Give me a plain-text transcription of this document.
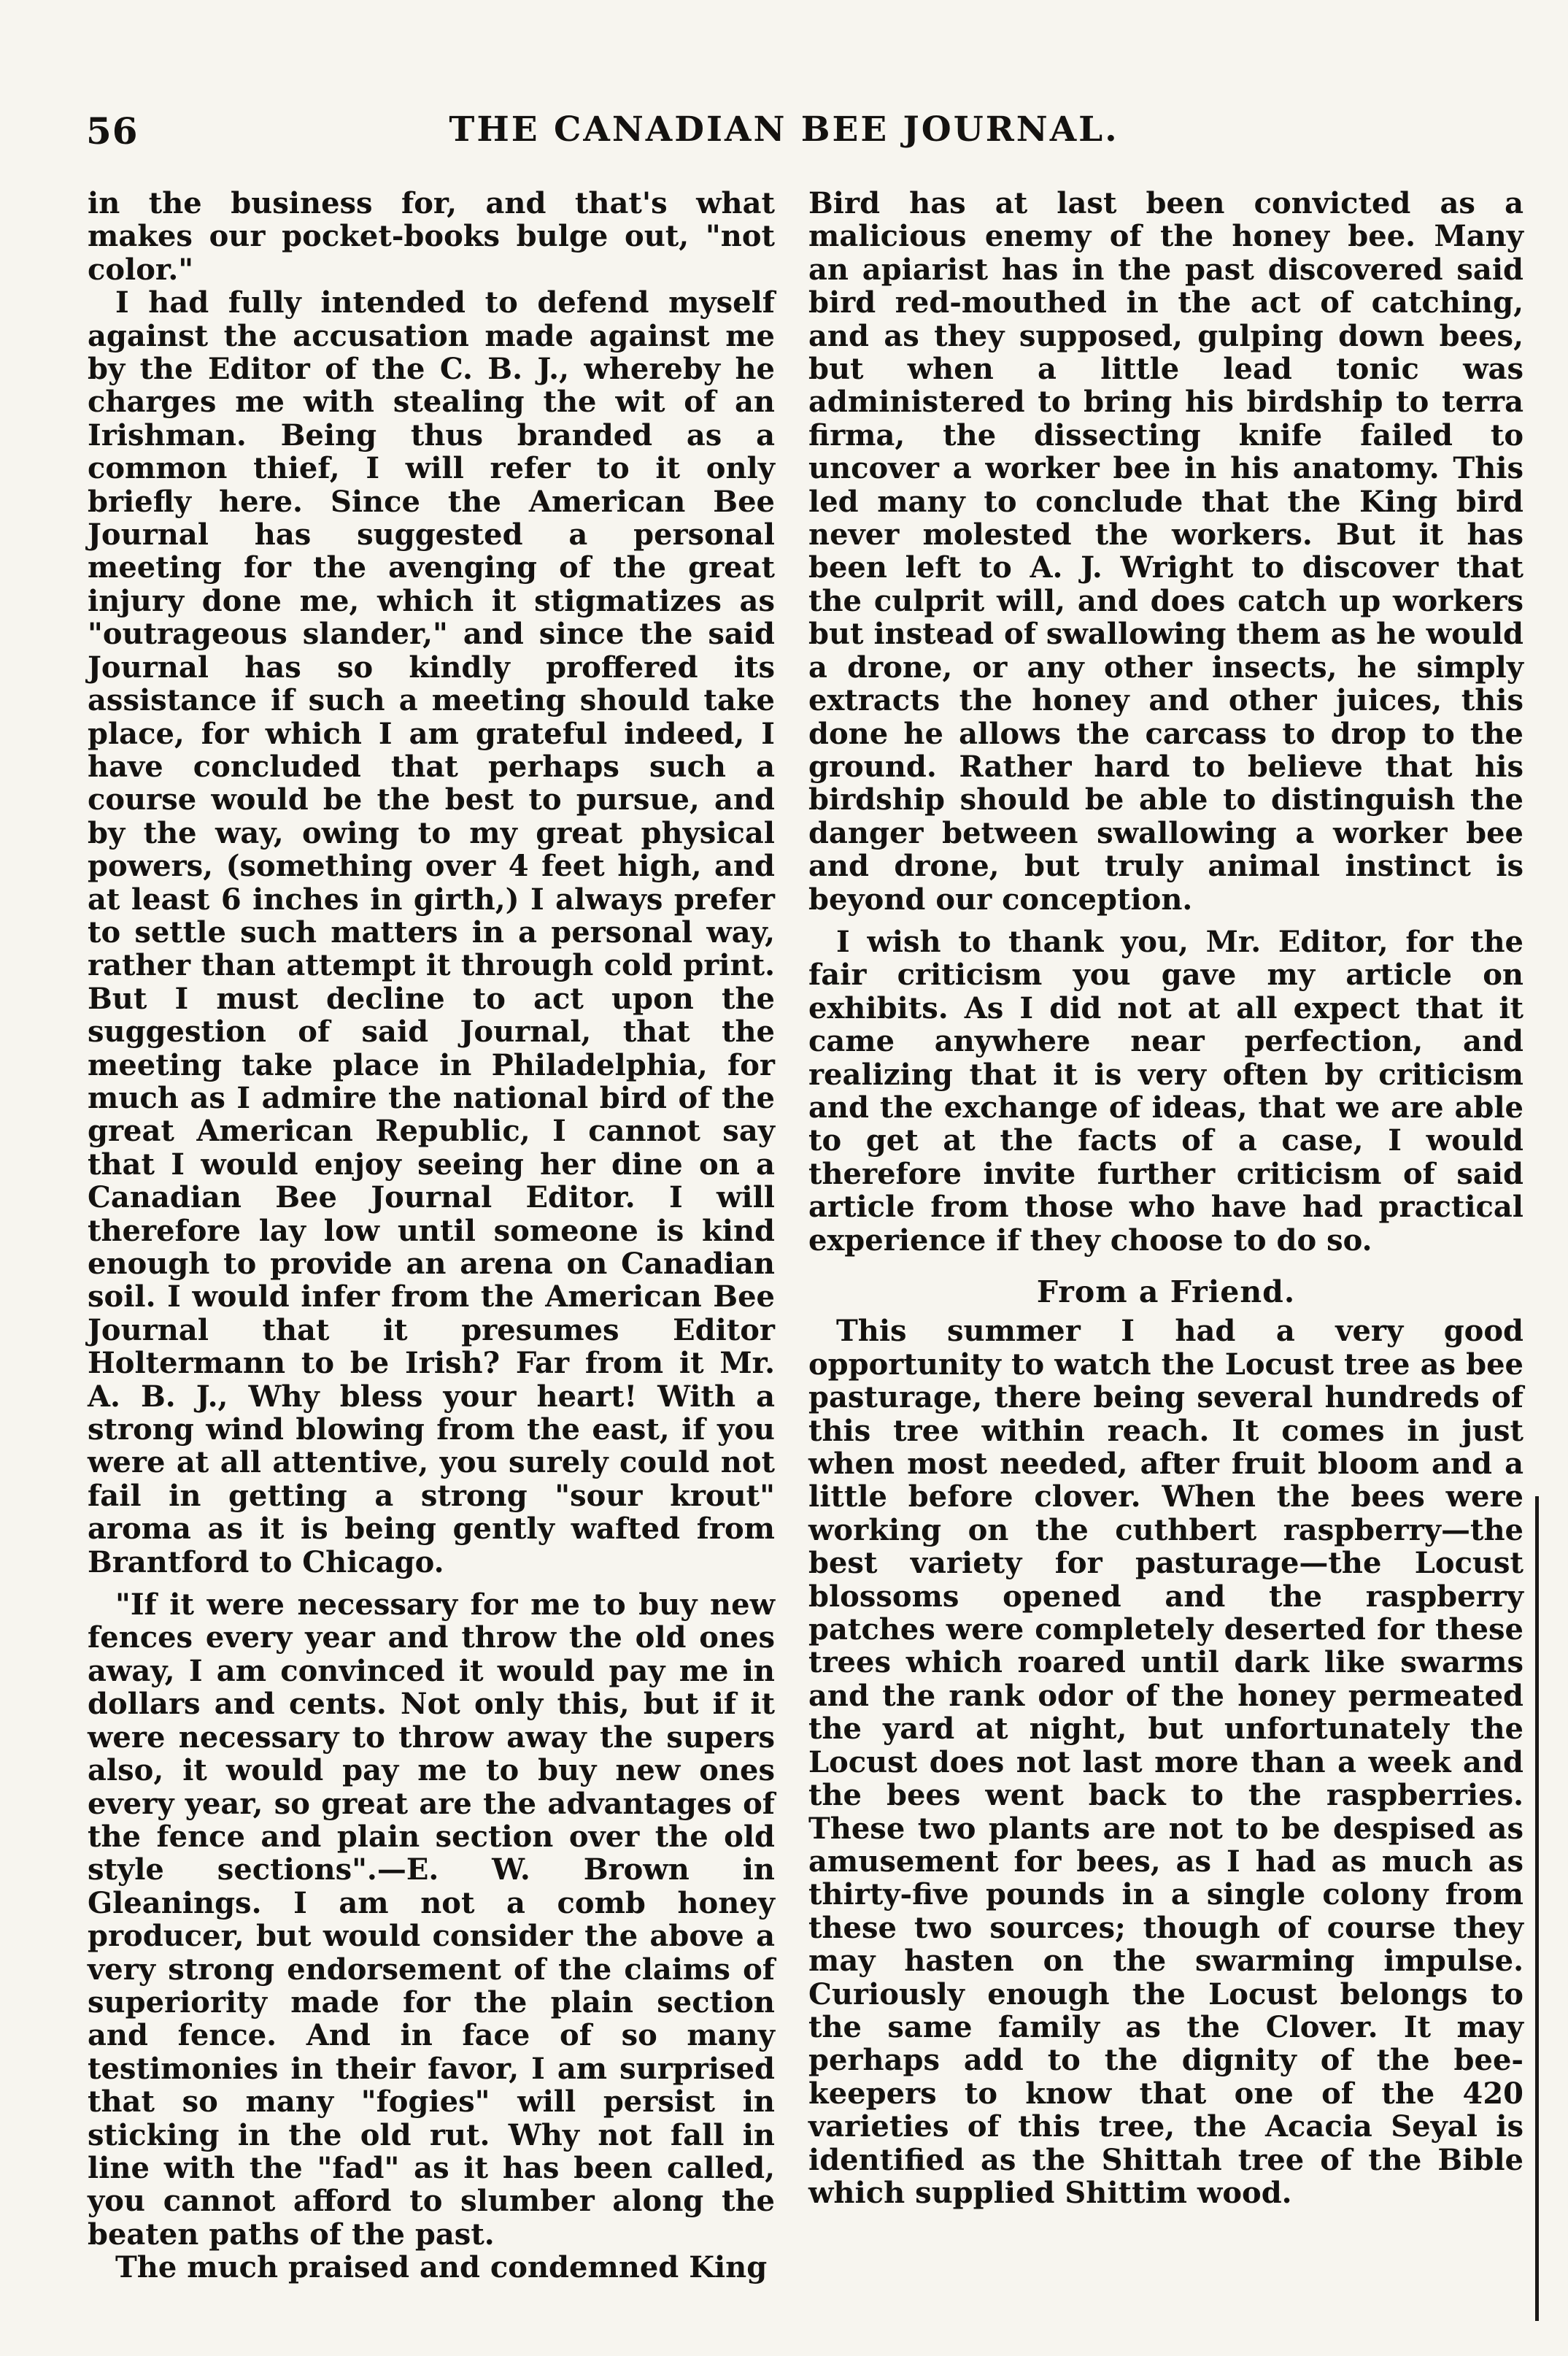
56	THE CANADIAN BEE JOURNAL.

in the business for, and that's what makes our pocket-books bulge out, "not color."

I had fully intended to defend myself against the accusation made against me by the Editor of the C. B. J., whereby he charges me with stealing the wit of an Irishman. Being thus branded as a common thief, I will refer to it only briefly here. Since the American Bee Journal has suggested a personal meeting for the avenging of the great injury done me, which it stigmatizes as "outrageous slander," and since the said Journal has so kindly proffered its assistance if such a meeting should take place, for which I am grateful indeed, I have concluded that perhaps such a course would be the best to pursue, and by the way, owing to my great physical powers, (something over 4 feet high, and at least 6 inches in girth,) I always prefer to settle such matters in a personal way, rather than attempt it through cold print. But I must decline to act upon the suggestion of said Journal, that the meeting take place in Philadelphia, for much as I admire the national bird of the great American Republic, I cannot say that I would enjoy seeing her dine on a Canadian Bee Journal Editor. I will therefore lay low until someone is kind enough to provide an arena on Canadian soil. I would infer from the American Bee Journal that it presumes Editor Holtermann to be Irish? Far from it Mr. A. B. J., Why bless your heart! With a strong wind blowing from the east, if you were at all attentive, you surely could not fail in getting a strong "sour krout" aroma as it is being gently wafted from Brantford to Chicago.

"If it were necessary for me to buy new fences every year and throw the old ones away, I am convinced it would pay me in dollars and cents. Not only this, but if it were necessary to throw away the supers also, it would pay me to buy new ones every year, so great are the advantages of the fence and plain section over the old style sections".—E. W. Brown in Gleanings. I am not a comb honey producer, but would consider the above a very strong endorsement of the claims of superiority made for the plain section and fence. And in face of so many testimonies in their favor, I am surprised that so many "fogies" will persist in sticking in the old rut. Why not fall in line with the "fad" as it has been called, you cannot afford to slumber along the beaten paths of the past.

The much praised and condemned King

Bird has at last been convicted as a malicious enemy of the honey bee. Many an apiarist has in the past discovered said bird red-mouthed in the act of catching, and as they supposed, gulping down bees, but when a little lead tonic was administered to bring his birdship to terra firma, the dissecting knife failed to uncover a worker bee in his anatomy. This led many to conclude that the King bird never molested the workers. But it has been left to A. J. Wright to discover that the culprit will, and does catch up workers but instead of swallowing them as he would a drone, or any other insects, he simply extracts the honey and other juices, this done he allows the carcass to drop to the ground. Rather hard to believe that his birdship should be able to distinguish the danger between swallowing a worker bee and drone, but truly animal instinct is beyond our conception.

I wish to thank you, Mr. Editor, for the fair criticism you gave my article on exhibits. As I did not at all expect that it came anywhere near perfection, and realizing that it is very often by criticism and the exchange of ideas, that we are able to get at the facts of a case, I would therefore invite further criticism of said article from those who have had practical experience if they choose to do so.

From a Friend.

This summer I had a very good opportunity to watch the Locust tree as bee pasturage, there being several hundreds of this tree within reach. It comes in just when most needed, after fruit bloom and a little before clover. When the bees were working on the cuthbert raspberry—the best variety for pasturage—the Locust blossoms opened and the raspberry patches were completely deserted for these trees which roared until dark like swarms and the rank odor of the honey permeated the yard at night, but unfortunately the Locust does not last more than a week and the bees went back to the raspberries. These two plants are not to be despised as amusement for bees, as I had as much as thirty-five pounds in a single colony from these two sources; though of course they may hasten on the swarming impulse. Curiously enough the Locust belongs to the same family as the Clover. It may perhaps add to the dignity of the bee-keepers to know that one of the 420 varieties of this tree, the Acacia Seyal is identified as the Shittah tree of the Bible which supplied Shittim wood.
